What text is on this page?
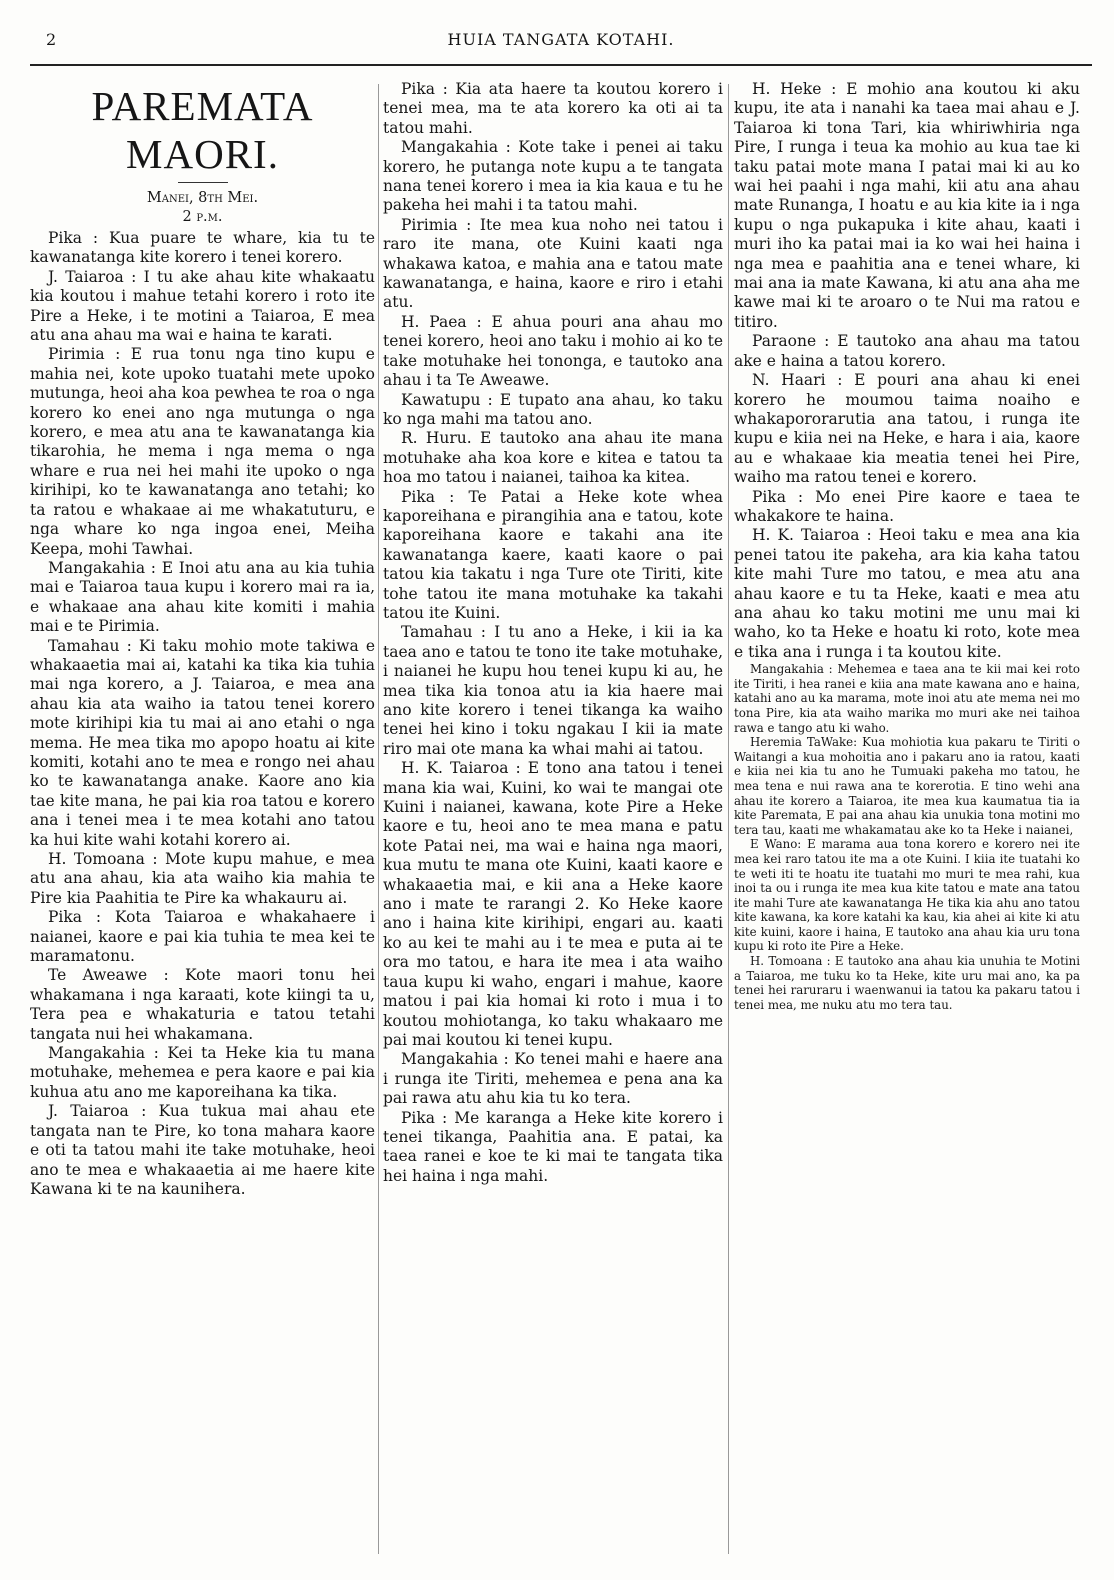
2	HUIA TANGATA KOTAHI.
PAREMATA MAORI.
Manei, 8th Mei.
2 p.m.

Pika : Kua puare te whare, kia tu te kawanatanga kite korero i tenei korero.

J. Taiaroa : I tu ake ahau kite whakaatu kia koutou i mahue tetahi korero i roto ite Pire a Heke, i te motini a Taiaroa, E mea atu ana ahau ma wai e haina te karati.

Pirimia : E rua tonu nga tino kupu e mahia nei, kote upoko tuatahi mete upoko mutunga, heoi aha koa pewhea te roa o nga korero ko enei ano nga mutunga o nga korero, e mea atu ana te kawanatanga kia tikarohia, he mema i nga mema o nga whare e rua nei hei mahi ite upoko o nga kirihipi, ko te kawanatanga ano tetahi; ko ta ratou e whakaae ai me whakatuturu, e nga whare ko nga ingoa enei, Meiha Keepa, mohi Tawhai.

Mangakahia : E Inoi atu ana au kia tuhia mai e Taiaroa taua kupu i korero mai ra ia, e whakaae ana ahau kite komiti i mahia mai e te Pirimia.

Tamahau : Ki taku mohio mote takiwa e whakaaetia mai ai, katahi ka tika kia tuhia mai nga korero, a J. Taiaroa, e mea ana ahau kia ata waiho ia tatou tenei korero mote kirihipi kia tu mai ai ano etahi o nga mema. He mea tika mo apopo hoatu ai kite komiti, kotahi ano te mea e rongo nei ahau ko te kawanatanga anake. Kaore ano kia tae kite mana, he pai kia roa tatou e korero ana i tenei mea i te mea kotahi ano tatou ka hui kite wahi kotahi korero ai.

H. Tomoana : Mote kupu mahue, e mea atu ana ahau, kia ata waiho kia mahia te Pire kia Paahitia te Pire ka whakauru ai.

Pika : Kota Taiaroa e whakahaere i naianei, kaore e pai kia tuhia te mea kei te maramatonu.

Te Aweawe : Kote maori tonu hei whakamana i nga karaati, kote kiingi ta u, Tera pea e whakaturia e tatou tetahi tangata nui hei whakamana.

Mangakahia : Kei ta Heke kia tu mana motuhake, mehemea e pera kaore e pai kia kuhua atu ano me kaporeihana ka tika.

J. Taiaroa : Kua tukua mai ahau ete tangata nan te Pire, ko tona mahara kaore e oti ta tatou mahi ite take motuhake, heoi ano te mea e whakaaetia ai me haere kite Kawana ki te na kaunihera.

Pika : Kia ata haere ta koutou korero i tenei mea, ma te ata korero ka oti ai ta tatou mahi.

Mangakahia : Kote take i penei ai taku korero, he putanga note kupu a te tangata nana tenei korero i mea ia kia kaua e tu he pakeha hei mahi i ta tatou mahi.

Pirimia : Ite mea kua noho nei tatou i raro ite mana, ote Kuini kaati nga whakawa katoa, e mahia ana e tatou mate kawanatanga, e haina, kaore e riro i etahi atu.

H. Paea : E ahua pouri ana ahau mo tenei korero, heoi ano taku i mohio ai ko te take motuhake hei tononga, e tautoko ana ahau i ta Te Aweawe.

Kawatupu : E tupato ana ahau, ko taku ko nga mahi ma tatou ano.

R. Huru. E tautoko ana ahau ite mana motuhake aha koa kore e kitea e tatou ta hoa mo tatou i naianei, taihoa ka kitea.

Pika : Te Patai a Heke kote whea kaporeihana e pirangihia ana e tatou, kote kaporeihana kaore e takahi ana ite kawanatanga kaere, kaati kaore o pai tatou kia takatu i nga Ture ote Tiriti, kite tohe tatou ite mana motuhake ka takahi tatou ite Kuini.

Tamahau : I tu ano a Heke, i kii ia ka taea ano e tatou te tono ite take motuhake, i naianei he kupu hou tenei kupu ki au, he mea tika kia tonoa atu ia kia haere mai ano kite korero i tenei tikanga ka waiho tenei hei kino i toku ngakau I kii ia mate riro mai ote mana ka whai mahi ai tatou.

H. K. Taiaroa : E tono ana tatou i tenei mana kia wai, Kuini, ko wai te mangai ote Kuini i naianei, kawana, kote Pire a Heke kaore e tu, heoi ano te mea mana e patu kote Patai nei, ma wai e haina nga maori, kua mutu te mana ote Kuini, kaati kaore e whakaaetia mai, e kii ana a Heke kaore ano i mate te rarangi 2. Ko Heke kaore ano i haina kite kirihipi, engari au. kaati ko au kei te mahi au i te mea e puta ai te ora mo tatou, e hara ite mea i ata waiho taua kupu ki waho, engari i mahue, kaore matou i pai kia homai ki roto i mua i to koutou mohiotanga, ko taku whakaaro me pai mai koutou ki tenei kupu.

Mangakahia : Ko tenei mahi e haere ana i runga ite Tiriti, mehemea e pena ana ka pai rawa atu ahu kia tu ko tera.

Pika : Me karanga a Heke kite korero i tenei tikanga, Paahitia ana. E patai, ka taea ranei e koe te ki mai te tangata tika hei haina i nga mahi.

H. Heke : E mohio ana koutou ki aku kupu, ite ata i nanahi ka taea mai ahau e J. Taiaroa ki tona Tari, kia whiriwhiria nga Pire, I runga i teua ka mohio au kua tae ki taku patai mote mana I patai mai ki au ko wai hei paahi i nga mahi, kii atu ana ahau mate Runanga, I hoatu e au kia kite ia i nga kupu o nga pukapuka i kite ahau, kaati i muri iho ka patai mai ia ko wai hei haina i nga mea e paahitia ana e tenei whare, ki mai ana ia mate Kawana, ki atu ana aha me kawe mai ki te aroaro o te Nui ma ratou e titiro.

Paraone : E tautoko ana ahau ma tatou ake e haina a tatou korero.

N. Haari : E pouri ana ahau ki enei korero he moumou taima noaiho e whakapororarutia ana tatou, i runga ite kupu e kiia nei na Heke, e hara i aia, kaore au e whakaae kia meatia tenei hei Pire, waiho ma ratou tenei e korero.

Pika : Mo enei Pire kaore e taea te whakakore te haina.

H. K. Taiaroa : Heoi taku e mea ana kia penei tatou ite pakeha, ara kia kaha tatou kite mahi Ture mo tatou, e mea atu ana ahau kaore e tu ta Heke, kaati e mea atu ana ahau ko taku motini me unu mai ki waho, ko ta Heke e hoatu ki roto, kote mea e tika ana i runga i ta koutou kite.

Mangakahia : Mehemea e taea ana te kii mai kei roto ite Tiriti, i hea ranei e kiia ana mate kawana ano e haina, katahi ano au ka marama, mote inoi atu ate mema nei mo tona Pire, kia ata waiho marika mo muri ake nei taihoa rawa e tango atu ki waho.

Heremia TaWake: Kua mohiotia kua pakaru te Tiriti o Waitangi a kua mohoitia ano i pakaru ano ia ratou, kaati e kiia nei kia tu ano he Tumuaki pakeha mo tatou, he mea tena e nui rawa ana te korerotia. E tino wehi ana ahau ite korero a Taiaroa, ite mea kua kaumatua tia ia kite Paremata, E pai ana ahau kia unukia tona motini mo tera tau, kaati me whakamatau ake ko ta Heke i naianei,

E Wano: E marama aua tona korero e korero nei ite mea kei raro tatou ite ma a ote Kuini. I kiia ite tuatahi ko te weti iti te hoatu ite tuatahi mo muri te mea rahi, kua inoi ta ou i runga ite mea kua kite tatou e mate ana tatou ite mahi Ture ate kawanatanga He tika kia ahu ano tatou kite kawana, ka kore katahi ka kau, kia ahei ai kite ki atu kite kuini, kaore i haina, E tautoko ana ahau kia uru tona kupu ki roto ite Pire a Heke.

H. Tomoana : E tautoko ana ahau kia unuhia te Motini a Taiaroa, me tuku ko ta Heke, kite uru mai ano, ka pa tenei hei raruraru i waenwanui ia tatou ka pakaru tatou i tenei mea, me nuku atu mo tera tau.
